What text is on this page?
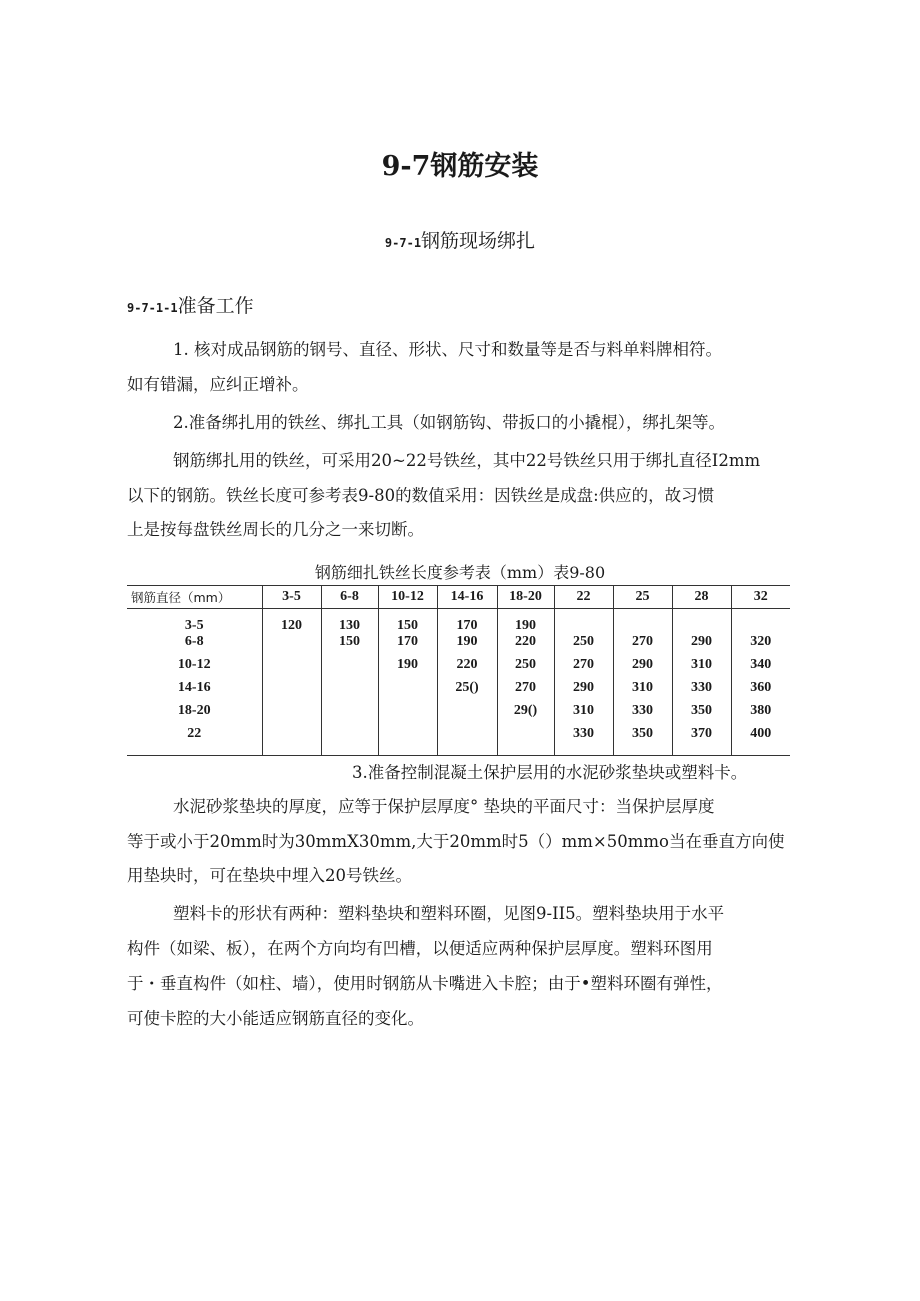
9-7钢筋安装
9-7-1钢筋现场绑扎
9-7-1-1准备工作
1. 核对成品钢筋的钢号、直径、形状、尺寸和数量等是否与料单料牌相符。
如有错漏，应纠正增补。
2.准备绑扎用的铁丝、绑扎工具（如钢筋钩、带扳口的小撬棍），绑扎架等。
钢筋绑扎用的铁丝，可采用20~22号铁丝，其中22号铁丝只用于绑扎直径I2mm
以下的钢筋。铁丝长度可参考表9-80的数值采用：因铁丝是成盘:供应的，故习惯
上是按每盘铁丝周长的几分之一来切断。
钢筋细扎铁丝长度参考表（mm）表9-80
钢筋直径（mm）	3-5	6-8	10-12	14-16	18-20	22	25	28	32
3-5	120	130	150	170	190				
6-8		150	170	190	220	250	270	290	320
10-12			190	220	250	270	290	310	340
14-16				25()	270	290	310	330	360
18-20					29()	310	330	350	380
22						330	350	370	400
3.准备控制混凝土保护层用的水泥砂浆垫块或塑料卡。
水泥砂浆垫块的厚度，应等于保护层厚度° 垫块的平面尺寸：当保护层厚度
等于或小于20mm时为30mmX30mm,大于20mm时5（）mm×50mmo当在垂直方向使
用垫块时，可在垫块中埋入20号铁丝。
塑料卡的形状有两种：塑料垫块和塑料环圈，见图9-II5。塑料垫块用于水平
构件（如梁、板），在两个方向均有凹槽，以便适应两种保护层厚度。塑料环图用
于・垂直构件（如柱、墙），使用时钢筋从卡嘴进入卡腔；由于•塑料环圈有弹性，
可使卡腔的大小能适应钢筋直径的变化。
